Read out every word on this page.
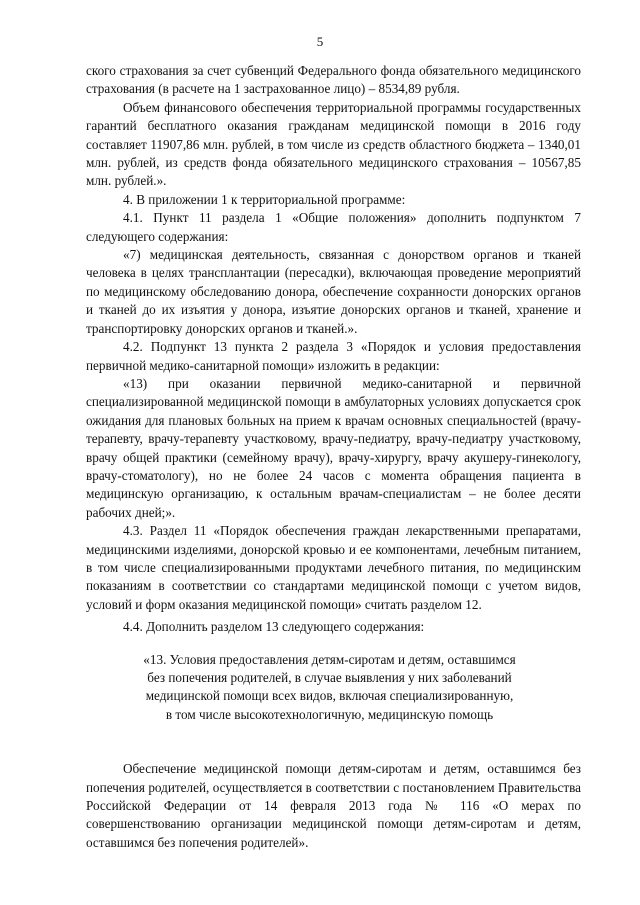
5

ского страхования за счет субвенций Федерального фонда обязательного медицинского страхования (в расчете на 1 застрахованное лицо) – 8534,89 рубля.

Объем финансового обеспечения территориальной программы государственных гарантий бесплатного оказания гражданам медицинской помощи в 2016 году составляет 11907,86 млн. рублей, в том числе из средств областного бюджета – 1340,01 млн. рублей, из средств фонда обязательного медицинского страхования – 10567,85 млн. рублей.».

4. В приложении 1 к территориальной программе:

4.1. Пункт 11 раздела 1 «Общие положения» дополнить подпунктом 7 следующего содержания:

«7) медицинская деятельность, связанная с донорством органов и тканей человека в целях трансплантации (пересадки), включающая проведение мероприятий по медицинскому обследованию донора, обеспечение сохранности донорских органов и тканей до их изъятия у донора, изъятие донорских органов и тканей, хранение и транспортировку донорских органов и тканей.».

4.2. Подпункт 13 пункта 2 раздела 3 «Порядок и условия предоставления первичной медико-санитарной помощи» изложить в редакции:

«13) при оказании первичной медико-санитарной и первичной специализированной медицинской помощи в амбулаторных условиях допускается срок ожидания для плановых больных на прием к врачам основных специальностей (врачу-терапевту, врачу-терапевту участковому, врачу-педиатру, врачу-педиатру участковому, врачу общей практики (семейному врачу), врачу-хирургу, врачу акушеру-гинекологу, врачу-стоматологу), но не более 24 часов с момента обращения пациента в медицинскую организацию, к остальным врачам-специалистам – не более десяти рабочих дней;».

4.3. Раздел 11 «Порядок обеспечения граждан лекарственными препаратами, медицинскими изделиями, донорской кровью и ее компонентами, лечебным питанием, в том числе специализированными продуктами лечебного питания, по медицинским показаниям в соответствии со стандартами медицинской помощи с учетом видов, условий и форм оказания медицинской помощи» считать разделом 12.

4.4. Дополнить разделом 13 следующего содержания:

«13. Условия предоставления детям-сиротам и детям, оставшимся
без попечения родителей, в случае выявления у них заболеваний
медицинской помощи всех видов, включая специализированную,
в том числе высокотехнологичную, медицинскую помощь

Обеспечение медицинской помощи детям-сиротам и детям, оставшимся без попечения родителей, осуществляется в соответствии с постановлением Правительства Российской Федерации от 14 февраля 2013 года № 116 «О мерах по совершенствованию организации медицинской помощи детям-сиротам и детям, оставшимся без попечения родителей».
